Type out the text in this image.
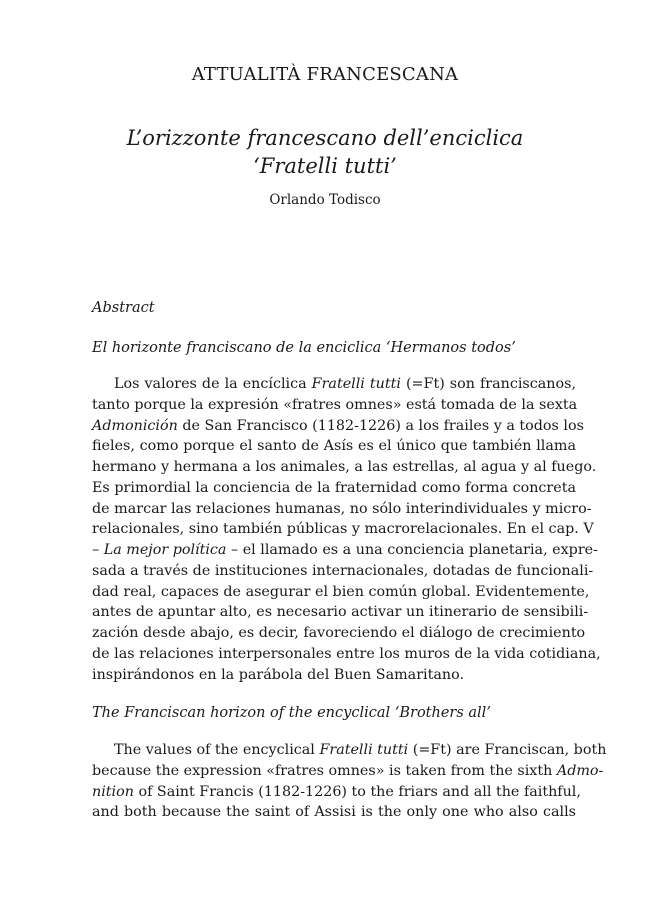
ATTUALITÀ FRANCESCANA
L’orizzonte francescano dell’enciclica
‘Fratelli tutti’
Orlando Todisco
Abstract
El horizonte franciscano de la enciclica ‘Hermanos todos’
Los valores de la encíclica Fratelli tutti (=Ft) son franciscanos,
tanto porque la expresión «fratres omnes» está tomada de la sexta
Admonición de San Francisco (1182-1226) a los frailes y a todos los
fieles, como porque el santo de Asís es el único que también llama
hermano y hermana a los animales, a las estrellas, al agua y al fuego.
Es primordial la conciencia de la fraternidad como forma concreta
de marcar las relaciones humanas, no sólo interindividuales y micro-
relacionales, sino también públicas y macrorelacionales. En el cap. V
– La mejor política – el llamado es a una conciencia planetaria, expre-
sada a través de instituciones internacionales, dotadas de funcionali-
dad real, capaces de asegurar el bien común global. Evidentemente,
antes de apuntar alto, es necesario activar un itinerario de sensibili-
zación desde abajo, es decir, favoreciendo el diálogo de crecimiento
de las relaciones interpersonales entre los muros de la vida cotidiana,
inspirándonos en la parábola del Buen Samaritano.
The Franciscan horizon of the encyclical ‘Brothers all’
The values of the encyclical Fratelli tutti (=Ft) are Franciscan, both
because the expression «fratres omnes» is taken from the sixth Admo-
nition of Saint Francis (1182-1226) to the friars and all the faithful,
and both because the saint of Assisi is the only one who also calls
